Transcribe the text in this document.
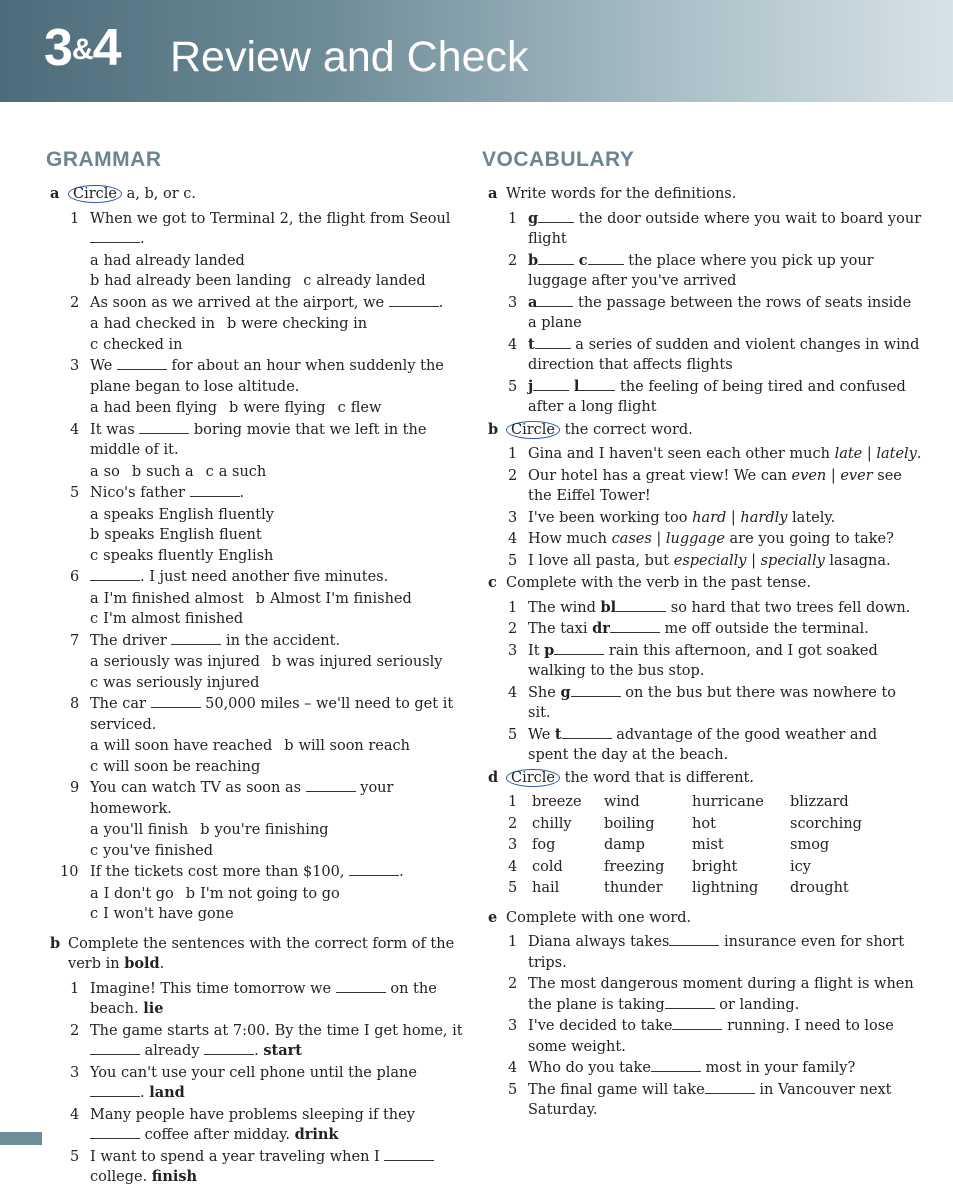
3&4 Review and Check
GRAMMAR	VOCABULARY
a Circle a, b, or c.
1 When we got to Terminal 2, the flight from Seoul .
a had already landedb had already been landing c already landed
2 As soon as we arrived at the airport, we	.
a had checked in b were checking inc checked in
3 We	for about an hour when suddenly the plane began to lose altitude.
a had been flying b were flying c flew
4 It was	boring movie that we left in the middle of it.
a so b such a c a such
5 Nico's father	.
a speaks English fluentlyb speaks English fluentc speaks fluently English
6	. I just need another five minutes.
a I'm finished almost b Almost I'm finishedc I'm almost finished
7 The driver	in the accident.
a seriously was injured b was injured seriouslyc was seriously injured
8 The car	50,000 miles – we'll need to get it serviced.
a will soon have reached b will soon reachc will soon be reaching
9 You can watch TV as soon as	your homework.
a you'll finish b you're finishingc you've finished
10 If the tickets cost more than $100,	.
a I don't go b I'm not going to goc I won't have gone
b Complete the sentences with the correct form of the verb in bold.
1 Imagine! This time tomorrow we	on the beach. lie
2 The game starts at 7:00. By the time I get home, it  already	. start
3 You can't use your cell phone until the plane . land
4 Many people have problems sleeping if they  coffee after midday. drink
5 I want to spend a year traveling when I  college. finish
a Write words for the definitions.
1 g the door outside where you wait to board your flight
2 b	c the place where you pick up your luggage after you've arrived
3 a the passage between the rows of seats inside a plane
4 t a series of sudden and violent changes in wind direction that affects flights
5 j	l the feeling of being tired and confused after a long flight
b Circle the correct word.
1 Gina and I haven't seen each other much late | lately.
2 Our hotel has a great view! We can even | ever see the Eiffel Tower!
3 I've been working too hard | hardly lately.
4 How much cases | luggage are you going to take?
5 I love all pasta, but especially | specially lasagna.
c Complete with the verb in the past tense.
1 The wind bl	so hard that two trees fell down.
2 The taxi dr	me off outside the terminal.
3 It p	rain this afternoon, and I got soaked walking to the bus stop.
4 She g	on the bus but there was nowhere to sit.
5 We t	advantage of the good weather and spent the day at the beach.
d Circle the word that is different.
1	breeze	wind	hurricane	blizzard
2	chilly	boiling	hot	scorching
3	fog	damp	mist	smog
4	cold	freezing	bright	icy
5	hail	thunder	lightning	drought
e Complete with one word.
1 Diana always takes	insurance even for short trips.
2 The most dangerous moment during a flight is when the plane is taking	or landing.
3 I've decided to take	running. I need to lose some weight.
4 Who do you take	most in your family?
5 The final game will take	in Vancouver next Saturday.
